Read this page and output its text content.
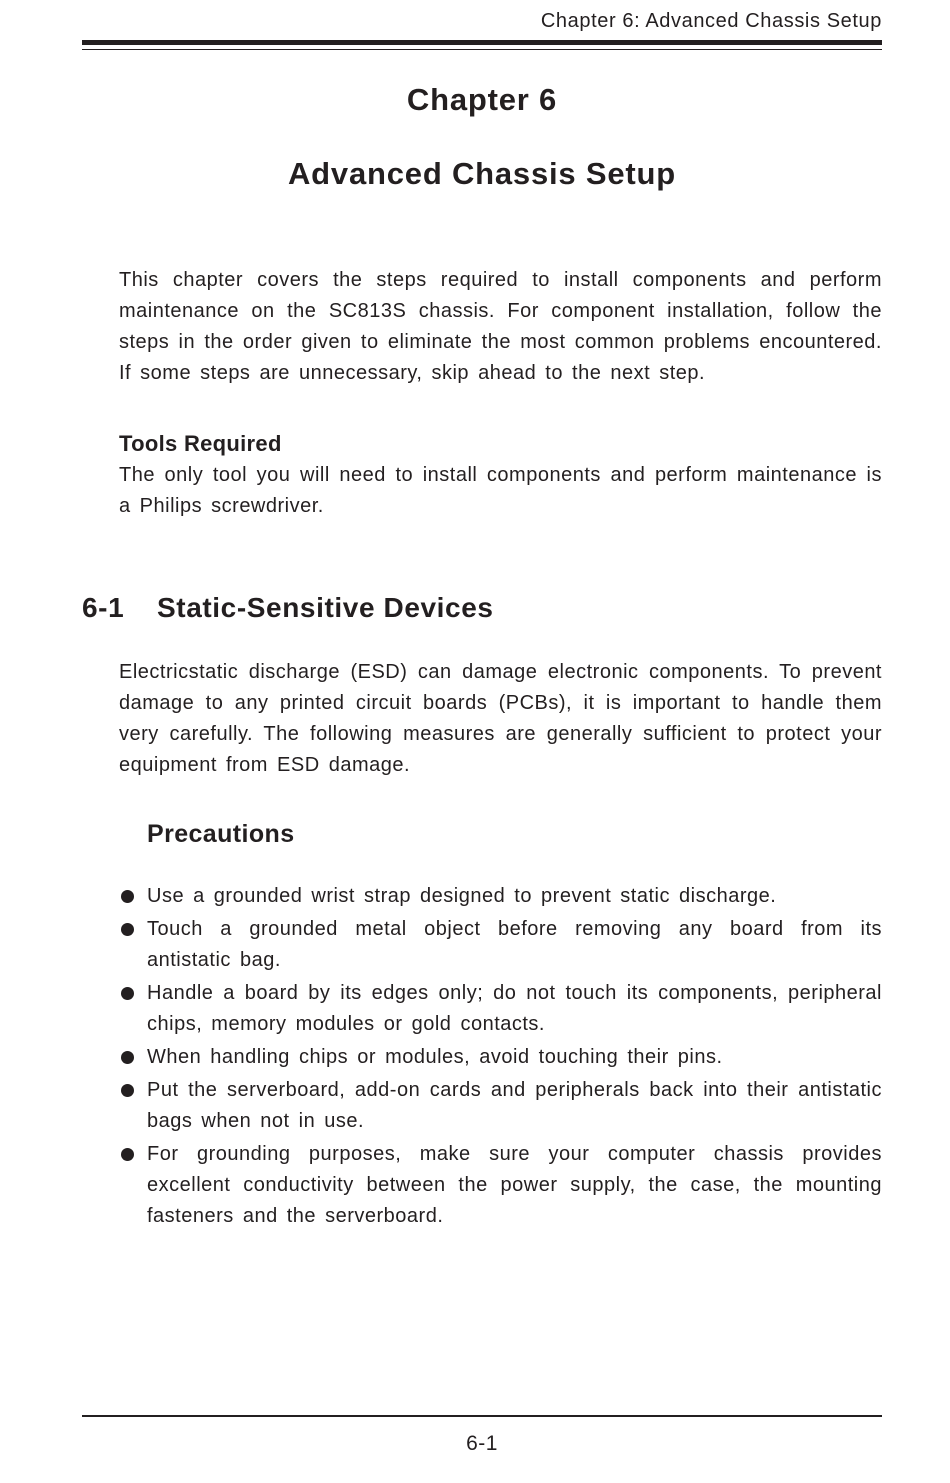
Chapter 6: Advanced Chassis Setup
Chapter 6
Advanced Chassis Setup

This chapter covers the steps required to install components and perform maintenance on the SC813S chassis. For component installation, follow the steps in the order given to eliminate the most common problems encountered. If some steps are unnecessary, skip ahead to the next step.

Tools Required

The only tool you will need to install components and perform maintenance is a Philips screwdriver.

6-1 Static-Sensitive Devices

Electricstatic discharge (ESD) can damage electronic components. To prevent damage to any printed circuit boards (PCBs), it is important to handle them very carefully. The following measures are generally sufficient to protect your equipment from ESD damage.

Precautions
Use a grounded wrist strap designed to prevent static discharge.
Touch a grounded metal object before removing any board from its antistatic bag.
Handle a board by its edges only; do not touch its components, peripheral chips, memory modules or gold contacts.
When handling chips or modules, avoid touching their pins.
Put the serverboard, add-on cards and peripherals back into their antistatic bags when not in use.
For grounding purposes, make sure your computer chassis provides excellent conductivity between the power supply, the case, the mounting fasteners and the serverboard.
6-1
